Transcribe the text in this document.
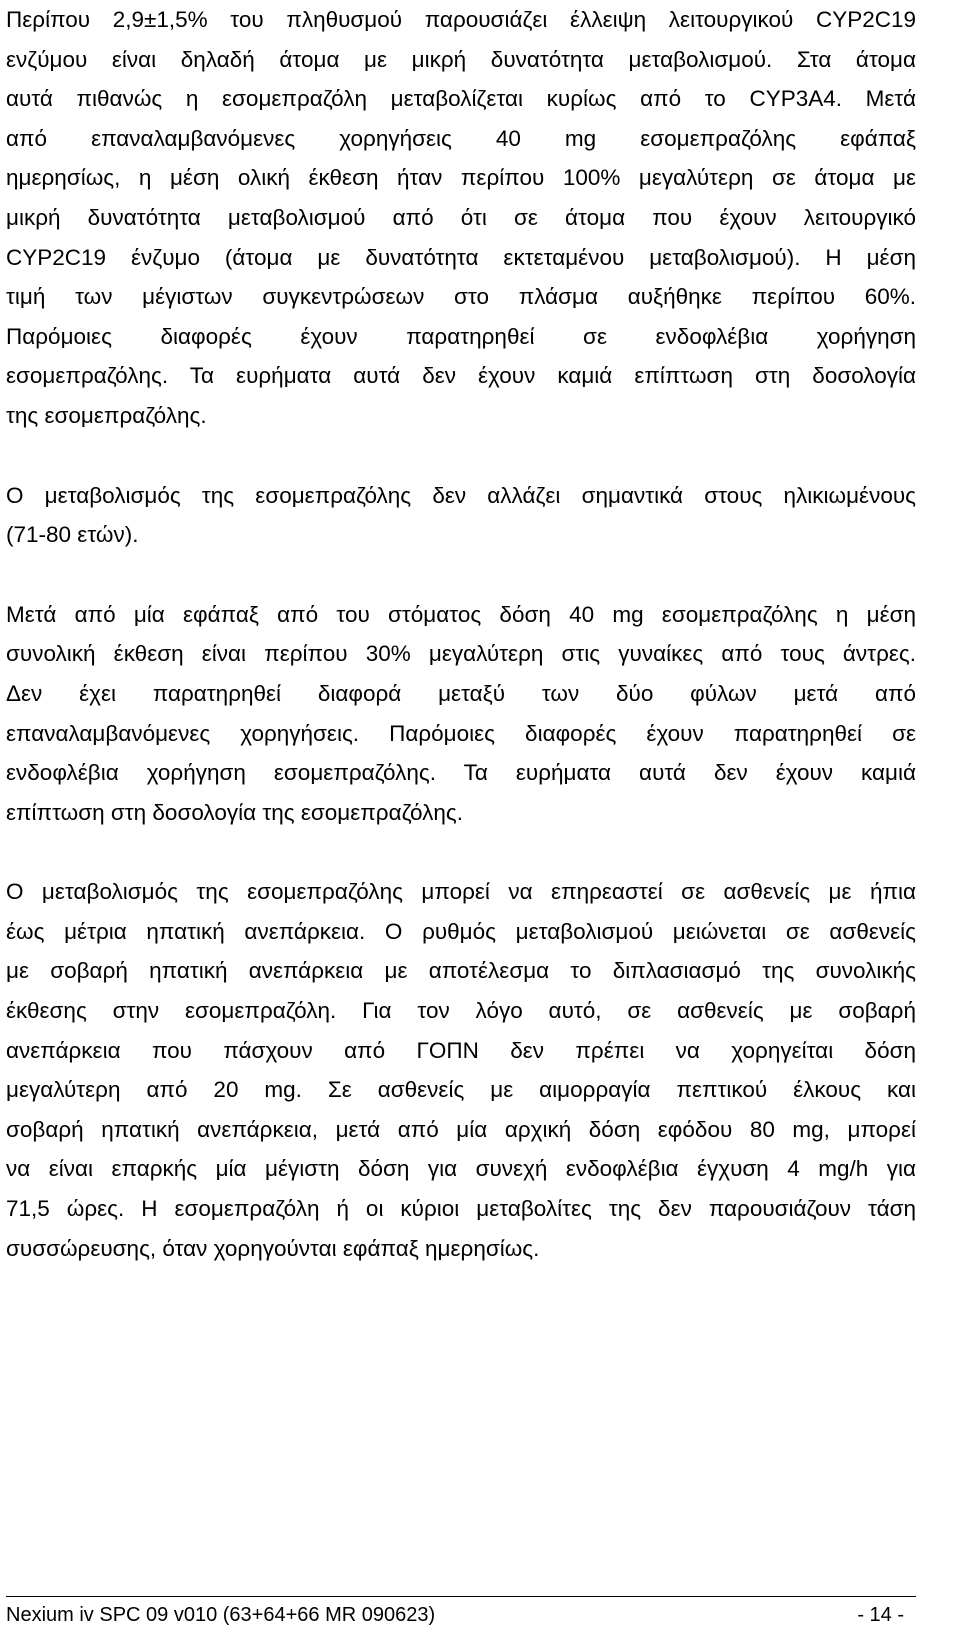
Περίπου 2,9±1,5% του πληθυσμού παρουσιάζει έλλειψη λειτουργικού CYP2C19
ενζύμου είναι δηλαδή άτομα με μικρή δυνατότητα μεταβολισμού. Στα άτομα
αυτά πιθανώς η εσομεπραζόλη μεταβολίζεται κυρίως από το CYP3A4. Μετά
από επαναλαμβανόμενες χορηγήσεις 40 mg εσομεπραζόλης εφάπαξ
ημερησίως, η μέση ολική έκθεση ήταν περίπου 100% μεγαλύτερη σε άτομα με
μικρή δυνατότητα μεταβολισμού από ότι σε άτομα που έχουν λειτουργικό
CYP2C19 ένζυμο (άτομα με δυνατότητα εκτεταμένου μεταβολισμού). Η μέση
τιμή των μέγιστων συγκεντρώσεων στο πλάσμα αυξήθηκε περίπου 60%.
Παρόμοιες διαφορές έχουν παρατηρηθεί σε ενδοφλέβια χορήγηση
εσομεπραζόλης. Τα ευρήματα αυτά δεν έχουν καμιά επίπτωση στη δοσολογία
της εσομεπραζόλης.
Ο μεταβολισμός της εσομεπραζόλης δεν αλλάζει σημαντικά στους ηλικιωμένους
(71-80 ετών).
Μετά από μία εφάπαξ από του στόματος δόση 40 mg εσομεπραζόλης η μέση
συνολική έκθεση είναι περίπου 30% μεγαλύτερη στις γυναίκες από τους άντρες.
Δεν έχει παρατηρηθεί διαφορά μεταξύ των δύο φύλων μετά από
επαναλαμβανόμενες χορηγήσεις. Παρόμοιες διαφορές έχουν παρατηρηθεί σε
ενδοφλέβια χορήγηση εσομεπραζόλης. Τα ευρήματα αυτά δεν έχουν καμιά
επίπτωση στη δοσολογία της εσομεπραζόλης.
Ο μεταβολισμός της εσομεπραζόλης μπορεί να επηρεαστεί σε ασθενείς με ήπια
έως μέτρια ηπατική ανεπάρκεια. Ο ρυθμός μεταβολισμού μειώνεται σε ασθενείς
με σοβαρή ηπατική ανεπάρκεια με αποτέλεσμα το διπλασιασμό της συνολικής
έκθεσης στην εσομεπραζόλη. Για τον λόγο αυτό, σε ασθενείς με σοβαρή
ανεπάρκεια που πάσχουν από ΓΟΠΝ δεν πρέπει να χορηγείται δόση
μεγαλύτερη από 20 mg. Σε ασθενείς με αιμορραγία πεπτικού έλκους και
σοβαρή ηπατική ανεπάρκεια, μετά από μία αρχική δόση εφόδου 80 mg, μπορεί
να είναι επαρκής μία μέγιστη δόση για συνεχή ενδοφλέβια έγχυση 4 mg/h για
71,5 ώρες. Η εσομεπραζόλη ή οι κύριοι μεταβολίτες της δεν παρουσιάζουν τάση
συσσώρευσης, όταν χορηγούνται εφάπαξ ημερησίως.
Nexium iv SPC 09 v010 (63+64+66 MR 090623)	- 14 -
